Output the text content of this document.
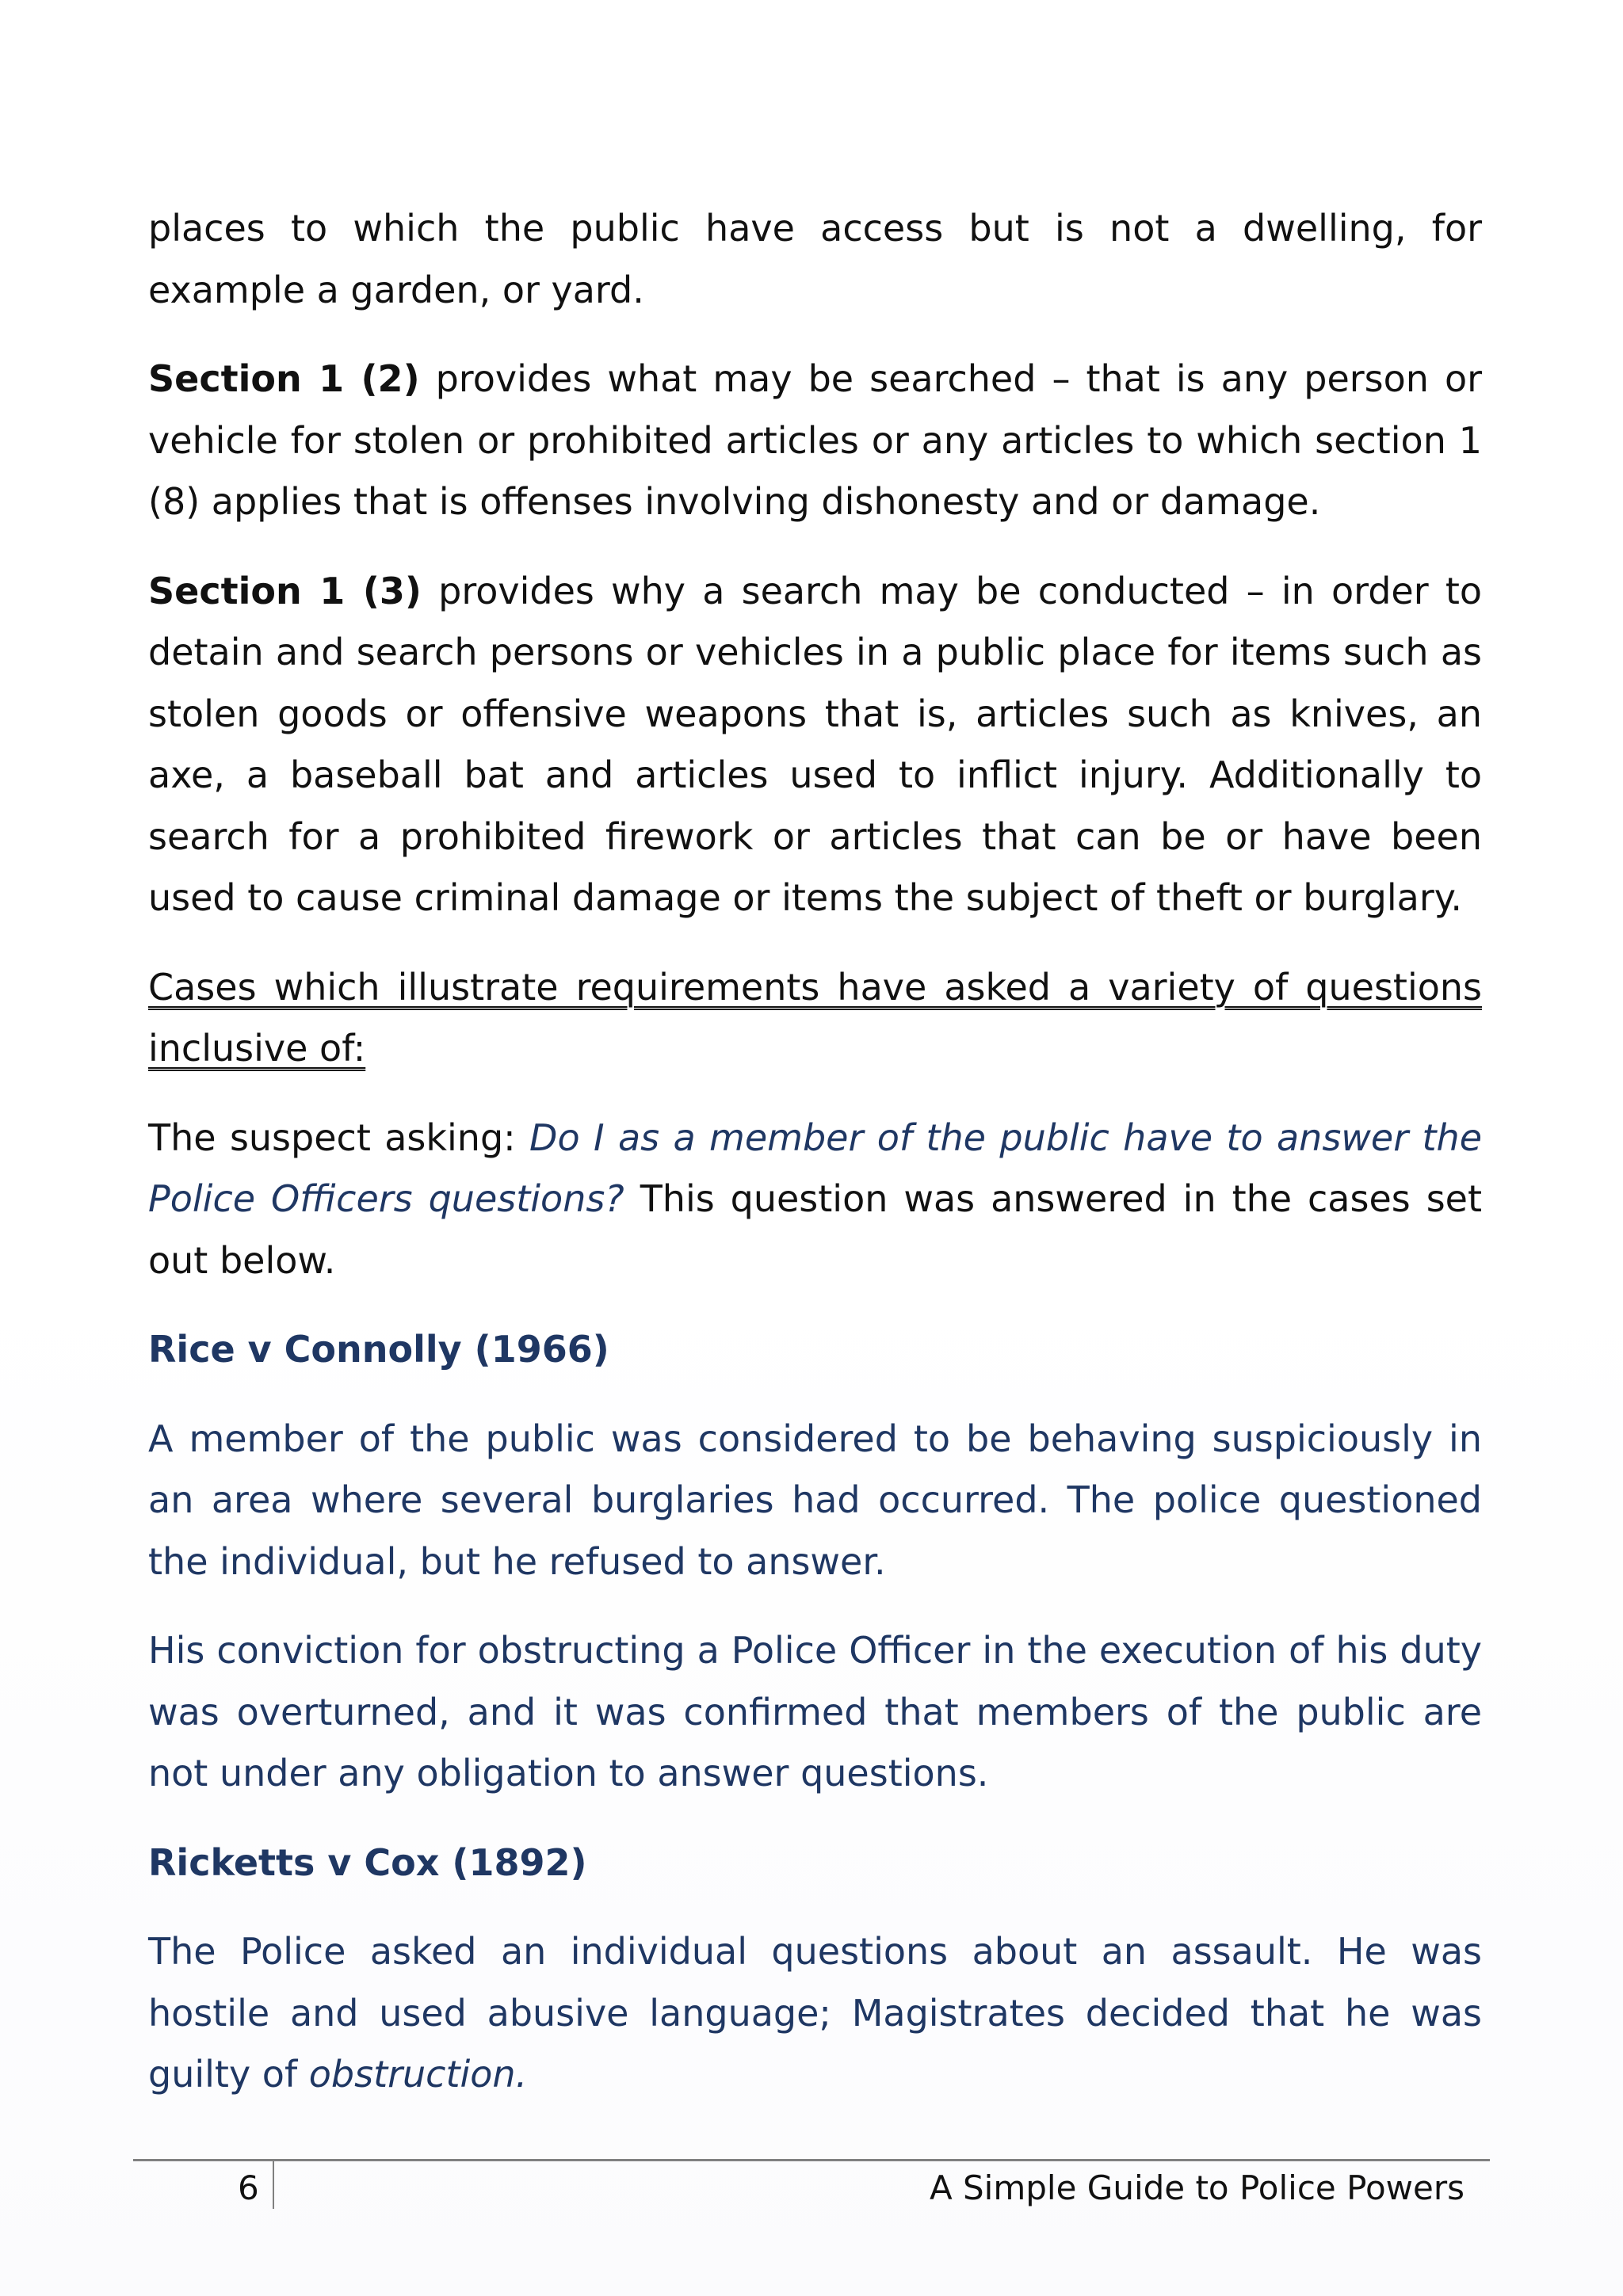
places to which the public have access but is not a dwelling, for example a garden, or yard.

Section 1 (2) provides what may be searched – that is any person or vehicle for stolen or prohibited articles or any articles to which section 1 (8) applies that is offenses involving dishonesty and or damage.

Section 1 (3) provides why a search may be conducted – in order to detain and search persons or vehicles in a public place for items such as stolen goods or offensive weapons that is, articles such as knives, an axe, a baseball bat and articles used to inflict injury. Additionally to search for a prohibited firework or articles that can be or have been used to cause criminal damage or items the subject of theft or burglary.

Cases which illustrate requirements have asked a variety of questions inclusive of:

The suspect asking: Do I as a member of the public have to answer the Police Officers questions? This question was answered in the cases set out below.

Rice v Connolly (1966)

A member of the public was considered to be behaving suspiciously in an area where several burglaries had occurred. The police questioned the individual, but he refused to answer.

His conviction for obstructing a Police Officer in the execution of his duty was overturned, and it was confirmed that members of the public are not under any obligation to answer questions.

Ricketts v Cox (1892)

The Police asked an individual questions about an assault. He was hostile and used abusive language; Magistrates decided that he was guilty of obstruction.

6	A Simple Guide to Police Powers
